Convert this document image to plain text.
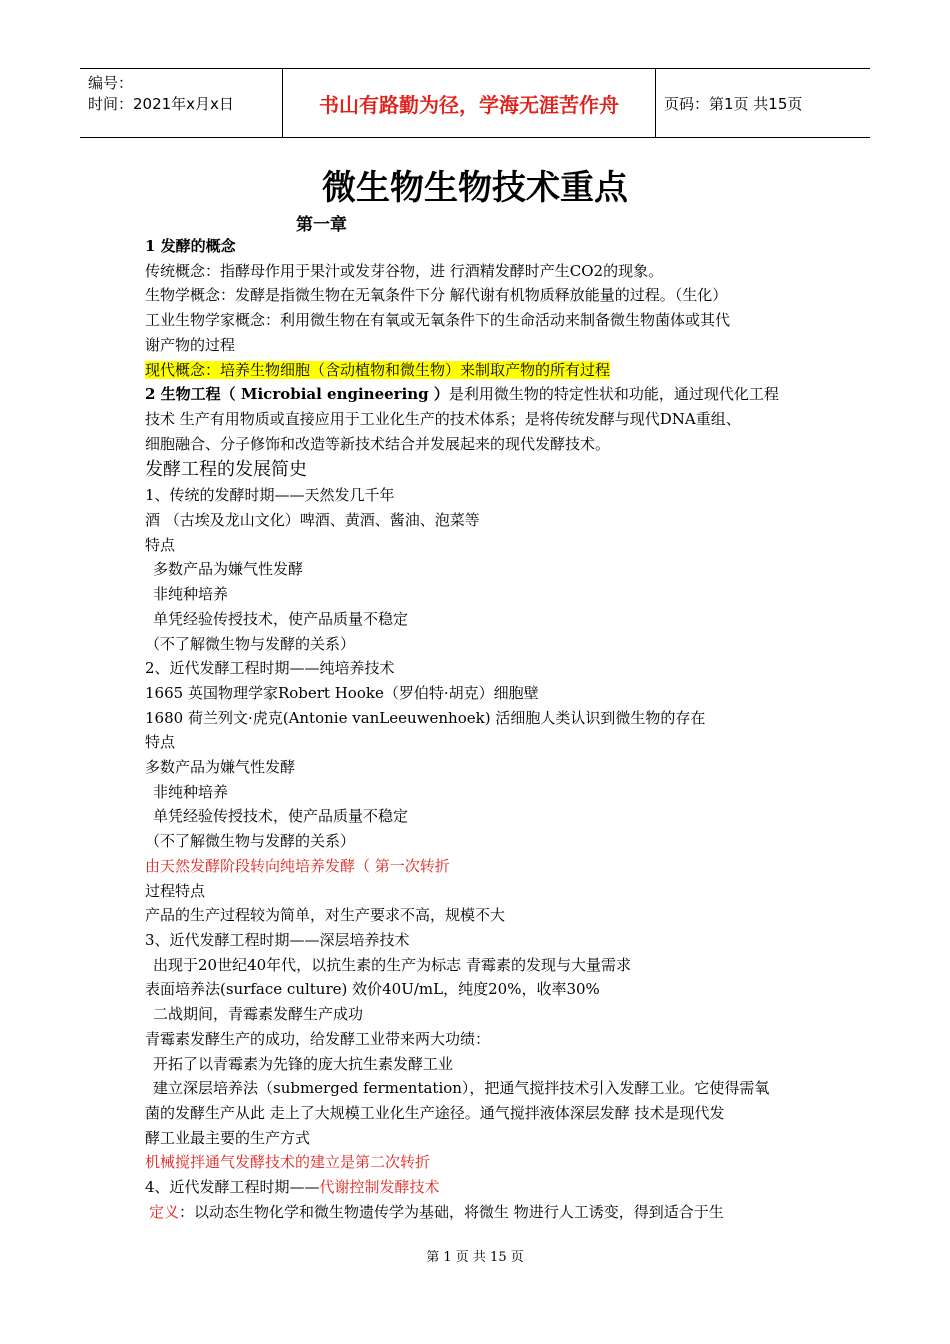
编号：
时间：2021年x月x日	书山有路勤为径，学海无涯苦作舟	页码：第1页 共15页
微生物生物技术重点
第一章
1 发酵的概念
传统概念：指酵母作用于果汁或发芽谷物，进 行酒精发酵时产生CO2的现象。
生物学概念：发酵是指微生物在无氧条件下分 解代谢有机物质释放能量的过程。（生化）
工业生物学家概念：利用微生物在有氧或无氧条件下的生命活动来制备微生物菌体或其代
谢产物的过程
现代概念：培养生物细胞（含动植物和微生物）来制取产物的所有过程
2 生物工程（ Microbial engineering ）是利用微生物的特定性状和功能，通过现代化工程
技术 生产有用物质或直接应用于工业化生产的技术体系；是将传统发酵与现代DNA重组、
细胞融合、分子修饰和改造等新技术结合并发展起来的现代发酵技术。
发酵工程的发展简史
1、传统的发酵时期——天然发几千年
酒 （古埃及龙山文化）啤酒、黄酒、酱油、泡菜等
特点
多数产品为嫌气性发酵
非纯种培养
单凭经验传授技术，使产品质量不稳定
（不了解微生物与发酵的关系）
2、近代发酵工程时期——纯培养技术
1665 英国物理学家Robert Hooke（罗伯特·胡克）细胞壁
1680 荷兰列文·虎克(Antonie vanLeeuwenhoek) 活细胞人类认识到微生物的存在
特点
多数产品为嫌气性发酵
非纯种培养
单凭经验传授技术，使产品质量不稳定
（不了解微生物与发酵的关系）
由天然发酵阶段转向纯培养发酵（ 第一次转折
过程特点
产品的生产过程较为简单，对生产要求不高，规模不大
3、近代发酵工程时期——深层培养技术
出现于20世纪40年代，以抗生素的生产为标志 青霉素的发现与大量需求
表面培养法(surface culture) 效价40U/mL，纯度20%，收率30%
二战期间，青霉素发酵生产成功
青霉素发酵生产的成功，给发酵工业带来两大功绩：
开拓了以青霉素为先锋的庞大抗生素发酵工业
建立深层培养法（submerged fermentation），把通气搅拌技术引入发酵工业。它使得需氧
菌的发酵生产从此 走上了大规模工业化生产途径。通气搅拌液体深层发酵 技术是现代发
酵工业最主要的生产方式
机械搅拌通气发酵技术的建立是第二次转折
4、近代发酵工程时期——代谢控制发酵技术
定义：以动态生物化学和微生物遗传学为基础，将微生 物进行人工诱变，得到适合于生
第 1 页 共 15 页
